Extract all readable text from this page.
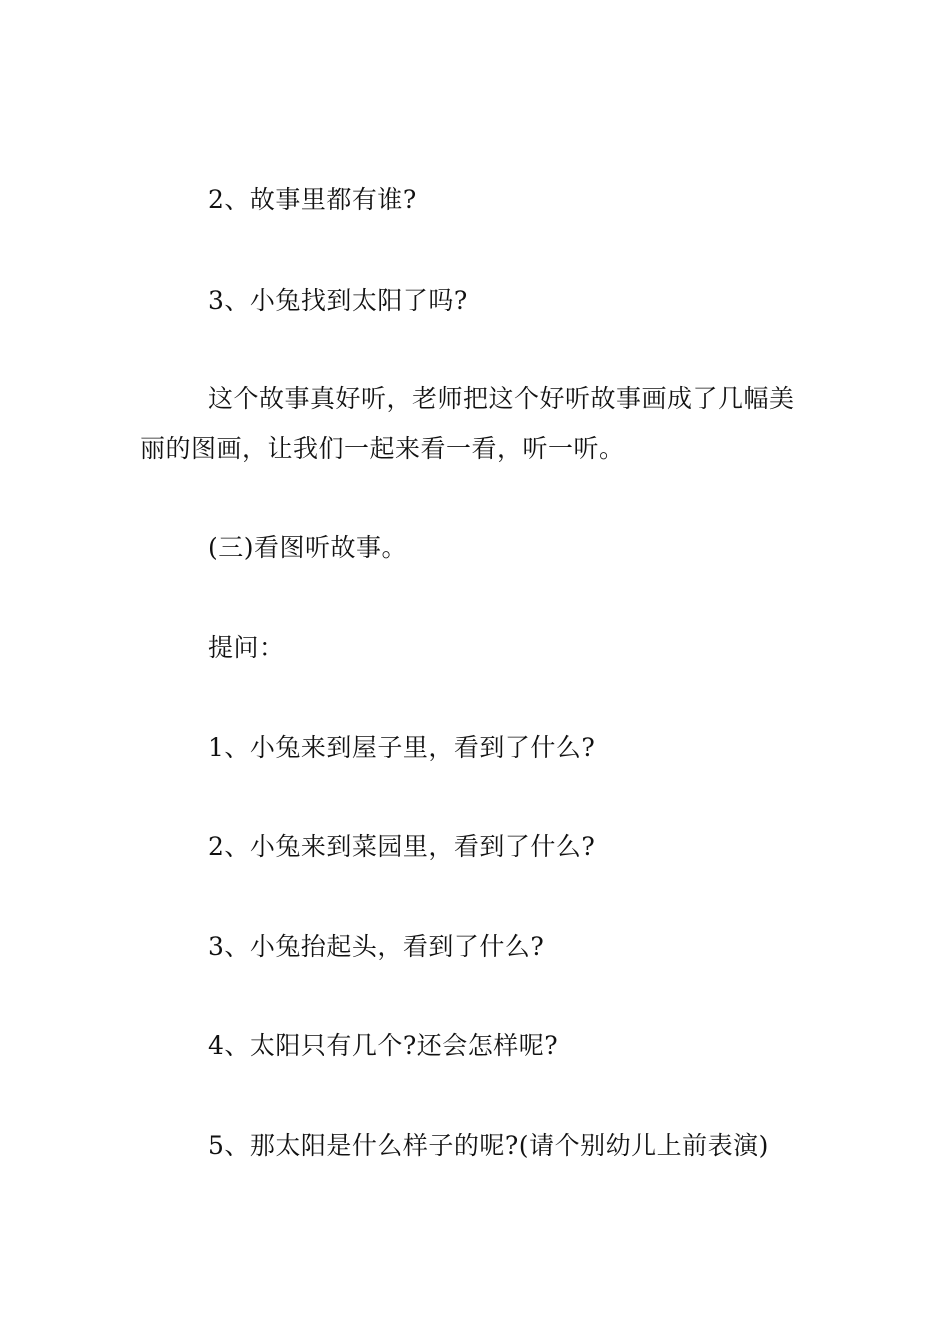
2、故事里都有谁?
3、小兔找到太阳了吗?
这个故事真好听，老师把这个好听故事画成了几幅美
丽的图画，让我们一起来看一看，听一听。
(三)看图听故事。
提问：
1、小兔来到屋子里，看到了什么?
2、小兔来到菜园里，看到了什么?
3、小兔抬起头，看到了什么?
4、太阳只有几个?还会怎样呢?
5、那太阳是什么样子的呢?(请个别幼儿上前表演)
